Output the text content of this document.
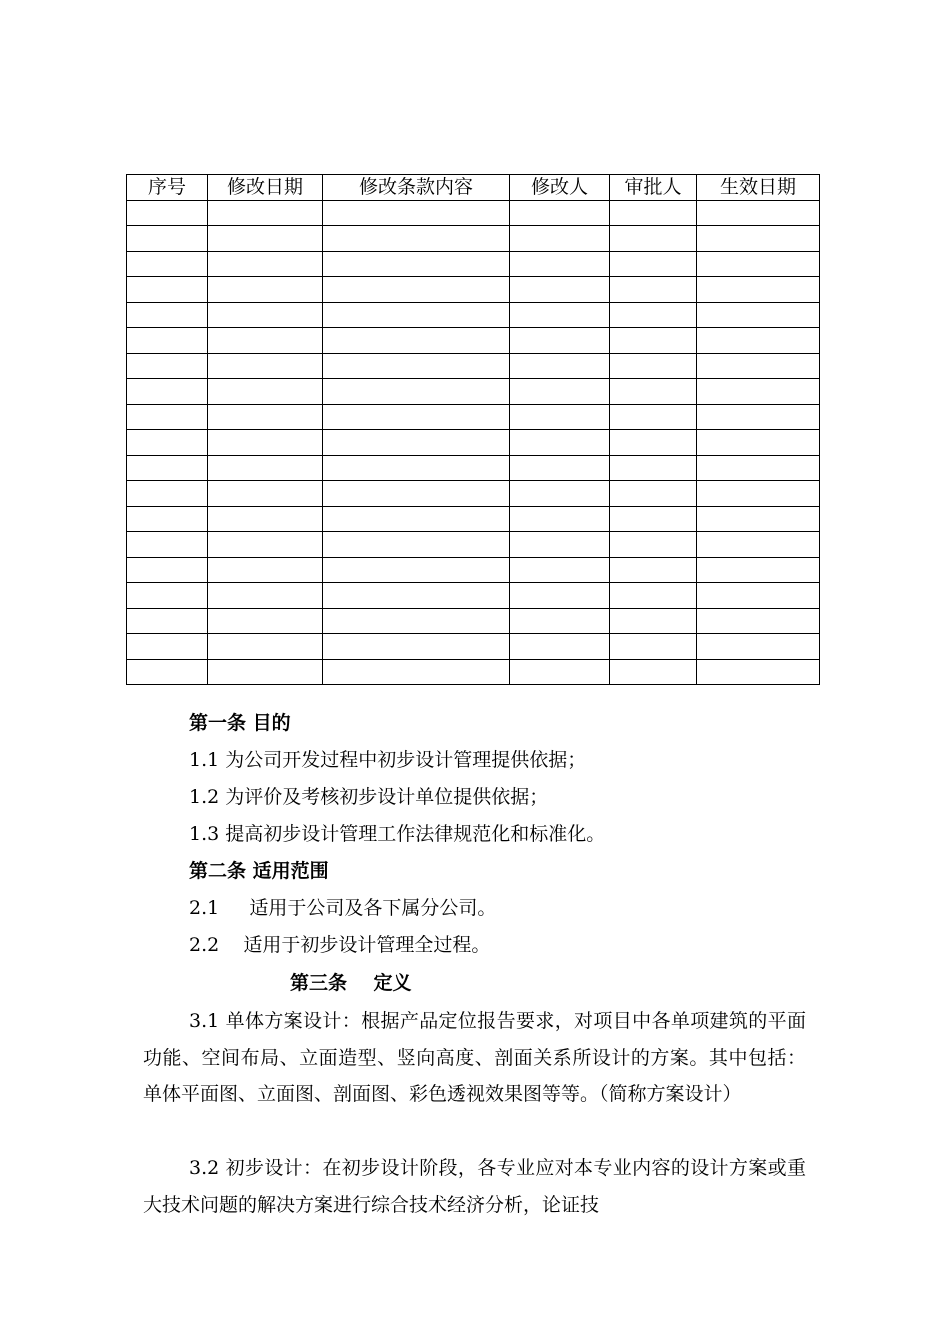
序号	修改日期	修改条款内容	修改人	审批人	生效日期

第一条 目的
1.1 为公司开发过程中初步设计管理提供依据；
1.2 为评价及考核初步设计单位提供依据；
1.3 提高初步设计管理工作法律规范化和标准化。
第二条 适用范围
2.1     适用于公司及各下属分公司。
2.2    适用于初步设计管理全过程。
第三条    定义
3.1 单体方案设计：根据产品定位报告要求，对项目中各单项建筑的平面功能、空间布局、立面造型、竖向高度、剖面关系所设计的方案。其中包括：单体平面图、立面图、剖面图、彩色透视效果图等等。（简称方案设计）
3.2 初步设计：在初步设计阶段，各专业应对本专业内容的设计方案或重大技术问题的解决方案进行综合技术经济分析，论证技
